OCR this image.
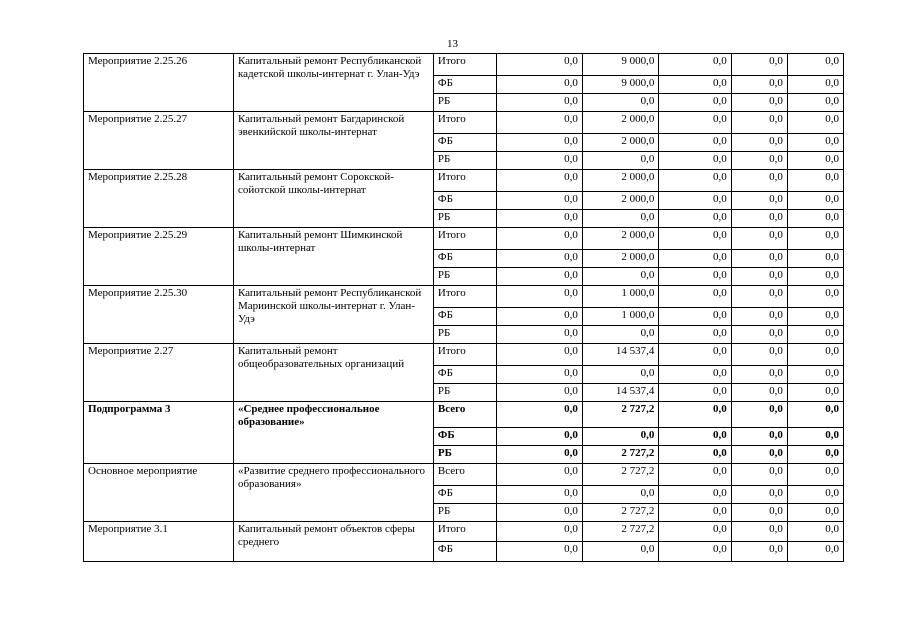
13
Мероприятие 2.25.26	Капитальный ремонт Республиканской кадетской школы-интернат г. Улан-Удэ	Итого	0,0	9 000,0	0,0	0,0	0,0
		ФБ	0,0	9 000,0	0,0	0,0	0,0
		РБ	0,0	0,0	0,0	0,0	0,0
Мероприятие 2.25.27	Капитальный ремонт Багдаринской эвенкийской школы-интернат	Итого	0,0	2 000,0	0,0	0,0	0,0
		ФБ	0,0	2 000,0	0,0	0,0	0,0
		РБ	0,0	0,0	0,0	0,0	0,0
Мероприятие 2.25.28	Капитальный ремонт Сорокской-сойотской школы-интернат	Итого	0,0	2 000,0	0,0	0,0	0,0
		ФБ	0,0	2 000,0	0,0	0,0	0,0
		РБ	0,0	0,0	0,0	0,0	0,0
Мероприятие 2.25.29	Капитальный ремонт Шимкинской школы-интернат	Итого	0,0	2 000,0	0,0	0,0	0,0
		ФБ	0,0	2 000,0	0,0	0,0	0,0
		РБ	0,0	0,0	0,0	0,0	0,0
Мероприятие 2.25.30	Капитальный ремонт Республиканской Мариинской школы-интернат г. Улан-Удэ	Итого	0,0	1 000,0	0,0	0,0	0,0
		ФБ	0,0	1 000,0	0,0	0,0	0,0
		РБ	0,0	0,0	0,0	0,0	0,0
Мероприятие 2.27	Капитальный ремонт общеобразовательных организаций	Итого	0,0	14 537,4	0,0	0,0	0,0
		ФБ	0,0	0,0	0,0	0,0	0,0
		РБ	0,0	14 537,4	0,0	0,0	0,0
Подпрограмма 3	«Среднее профессиональное образование»	Всего	0,0	2 727,2	0,0	0,0	0,0
		ФБ	0,0	0,0	0,0	0,0	0,0
		РБ	0,0	2 727,2	0,0	0,0	0,0
Основное мероприятие	«Развитие среднего профессионального образования»	Всего	0,0	2 727,2	0,0	0,0	0,0
		ФБ	0,0	0,0	0,0	0,0	0,0
		РБ	0,0	2 727,2	0,0	0,0	0,0
Мероприятие 3.1	Капитальный ремонт объектов сферы среднего	Итого	0,0	2 727,2	0,0	0,0	0,0
		ФБ	0,0	0,0	0,0	0,0	0,0
